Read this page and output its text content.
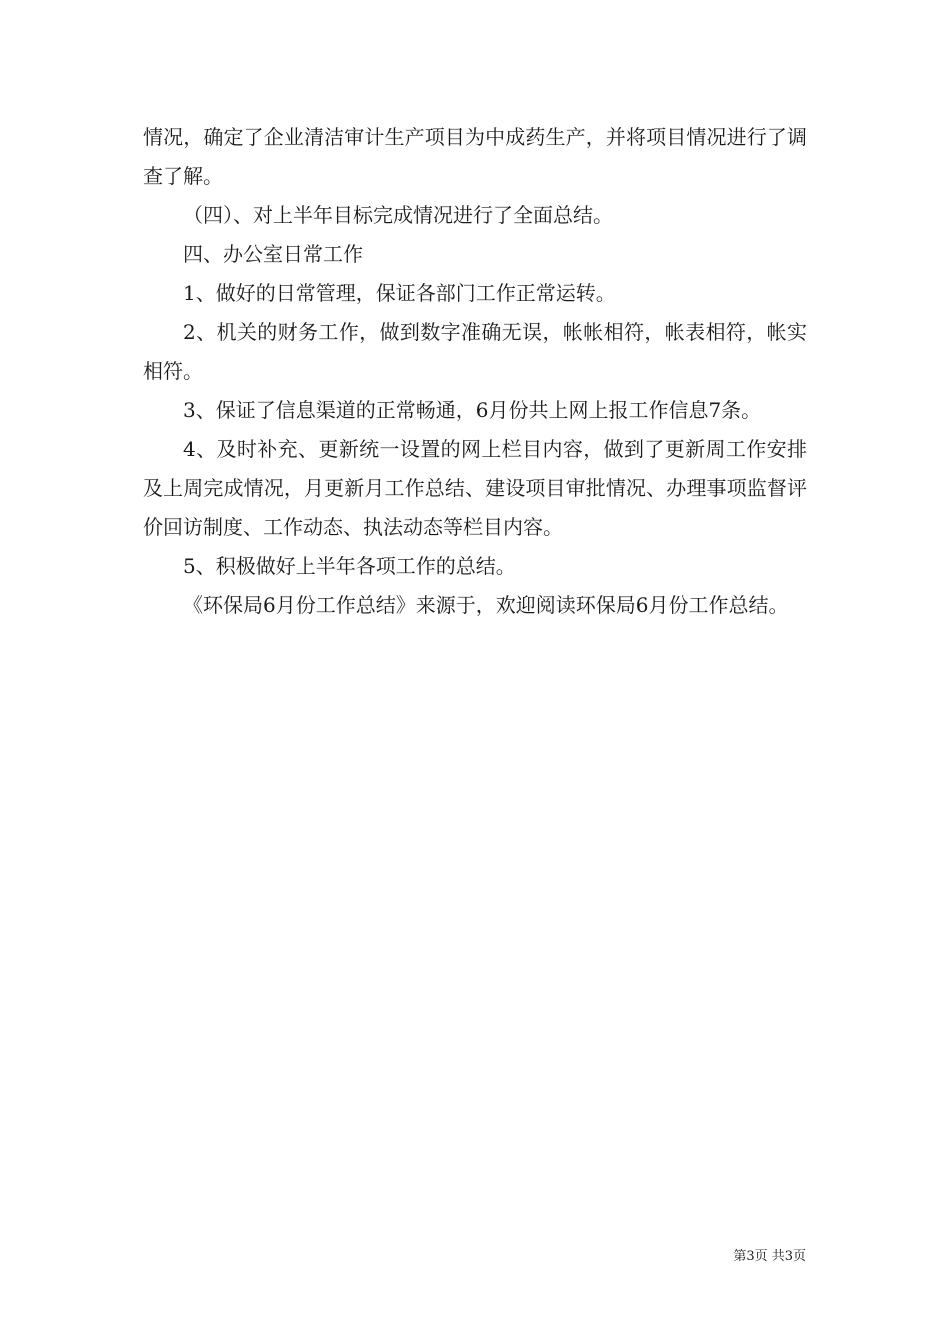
情况，确定了企业清洁审计生产项目为中成药生产，并将项目情况进行了调查了解。

（四）、对上半年目标完成情况进行了全面总结。

四、办公室日常工作

1、做好的日常管理，保证各部门工作正常运转。

2、机关的财务工作，做到数字准确无误，帐帐相符，帐表相符，帐实相符。

3、保证了信息渠道的正常畅通，6月份共上网上报工作信息7条。

4、及时补充、更新统一设置的网上栏目内容，做到了更新周工作安排及上周完成情况，月更新月工作总结、建设项目审批情况、办理事项监督评价回访制度、工作动态、执法动态等栏目内容。

5、积极做好上半年各项工作的总结。

《环保局6月份工作总结》来源于，欢迎阅读环保局6月份工作总结。

第3页 共3页
